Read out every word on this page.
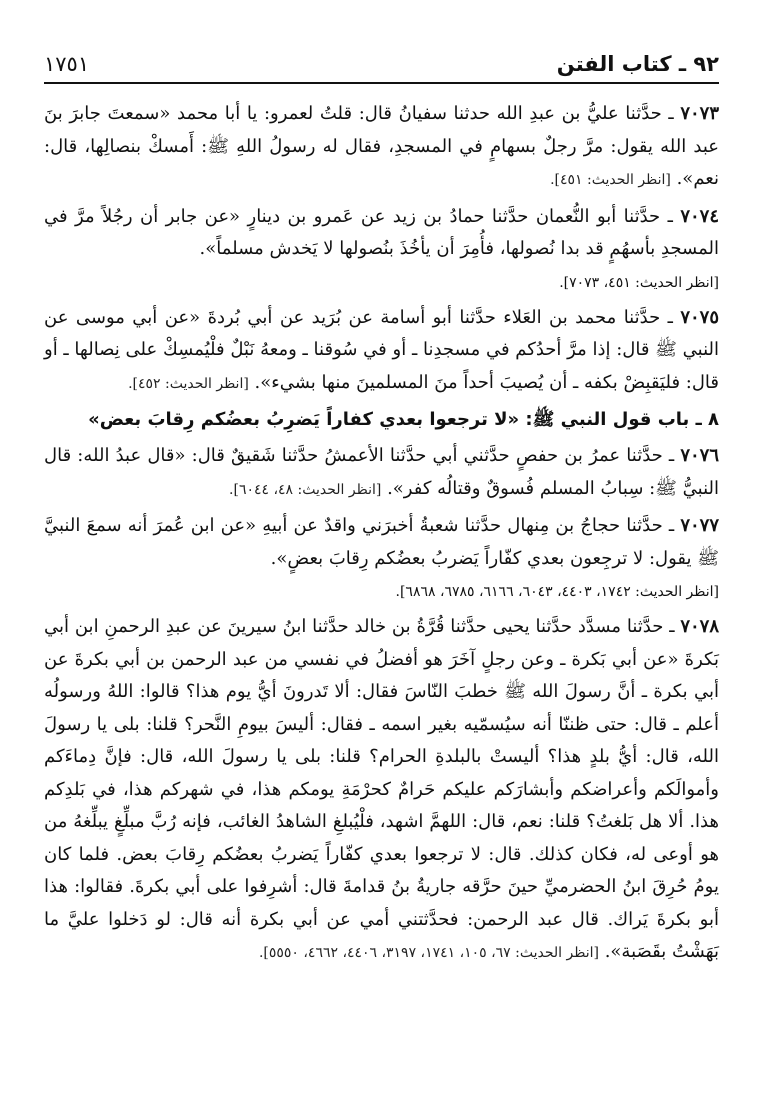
٩٢ ـ كتاب الفتن
١٧٥١

٧٠٧٣ ـ حدَّثنا عليُّ بن عبدِ الله حدثنا سفيانُ قال: قلتُ لعمرو: يا أبا محمد «سمعتَ جابرَ بنَ عبد الله يقول: مرَّ رجلٌ بسهامٍ في المسجدِ، فقال له رسولُ اللهِ ﷺ: أَمسكْ بنصالِها، قال: نعم». [انظر الحديث: ٤٥١].

٧٠٧٤ ـ حدَّثنا أبو النُّعمان حدَّثنا حمادُ بن زيد عن عَمرو بن دينارٍ «عن جابر أن رجُلاً مرَّ في المسجدِ بأسهُمٍ قد بدا نُصولها، فأُمِرَ أن يأخُذَ بنُصولها لا يَخدش مسلماً».

[انظر الحديث: ٤٥١، ٧٠٧٣].

٧٠٧٥ ـ حدَّثنا محمد بن العَلاء حدَّثنا أبو أسامة عن بُرَيد عن أبي بُردةَ «عن أبي موسى عن النبي ﷺ قال: إذا مرَّ أحدُكم في مسجدِنا ـ أو في سُوقنا ـ ومعهُ نَبْلٌ فلْيُمسِكْ على نِصالها ـ أو قال: فليَقبِضْ بكفه ـ أن يُصيبَ أحداً منَ المسلمينَ منها بشيء». [انظر الحديث: ٤٥٢].

٨ ـ باب قول النبي ﷺ: «لا ترجعوا بعدي كفاراً يَضرِبُ بعضُكم رِقابَ بعض»

٧٠٧٦ ـ حدَّثنا عمرُ بن حفصٍ حدَّثني أبي حدَّثنا الأعمشُ حدَّثنا شَقيقٌ قال: «قال عبدُ الله: قال النبيُّ ﷺ: سِبابُ المسلم فُسوقٌ وقتالُه كفر». [انظر الحديث: ٤٨، ٦٠٤٤].

٧٠٧٧ ـ حدَّثنا حجاجُ بن مِنهال حدَّثنا شعبةُ أخبرَني واقدٌ عن أبيهِ «عن ابن عُمرَ أنه سمعَ النبيَّ ﷺ يقول: لا ترجِعون بعدي كفّاراً يَضربُ بعضُكم رِقابَ بعضٍ».

[انظر الحديث: ١٧٤٢، ٤٤٠٣، ٦٠٤٣، ٦١٦٦، ٦٧٨٥، ٦٨٦٨].

٧٠٧٨ ـ حدَّثنا مسدَّد حدَّثنا يحيى حدَّثنا قُرَّةُ بن خالد حدَّثنا ابنُ سيرينَ عن عبدِ الرحمنِ ابن أبي بَكرةَ «عن أبي بَكرة ـ وعن رجلٍ آخَرَ هو أفضلُ في نفسي من عبد الرحمن بن أبي بكرةَ عن أبي بكرة ـ أنَّ رسولَ الله ﷺ خطبَ النّاسَ فقال: ألا تَدرونَ أيُّ يوم هذا؟ قالوا: اللهُ ورسولُه أعلم ـ قال: حتى ظننّا أنه سيُسمّيه بغير اسمه ـ فقال: أليسَ بيومِ النَّحر؟ قلنا: بلى يا رسولَ الله، قال: أيُّ بلدٍ هذا؟ أليستْ بالبلدةِ الحرام؟ قلنا: بلى يا رسولَ الله، قال: فإنَّ دِماءَكم وأموالَكم وأعراضكم وأبشارَكم عليكم حَرامٌ كحرْمَةِ يومكم هذا، في شهركم هذا، في بَلدِكم هذا. ألا هل بَلغتُ؟ قلنا: نعم، قال: اللهمَّ اشهد، فلْيُبلغِ الشاهدُ الغائب، فإنه رُبَّ مبلِّغٍ يبلِّغهُ من هو أوعى له، فكان كذلك. قال: لا ترجعوا بعدي كفّاراً يَضربُ بعضُكم رِقابَ بعض. فلما كان يومُ حُرِقَ ابنُ الحضرميِّ حينَ حرَّقه جاريةُ بنُ قدامةَ قال: أشرِفوا على أبي بكرةَ. فقالوا: هذا أبو بكرةَ يَراك. قال عبد الرحمن: فحدَّثتني أمي عن أبي بكرة أنه قال: لو دَخلوا عليَّ ما بَهَشْتُ بقَصَبة». [انظر الحديث: ٦٧، ١٠٥، ١٧٤١، ٣١٩٧، ٤٤٠٦، ٤٦٦٢، ٥٥٥٠].
